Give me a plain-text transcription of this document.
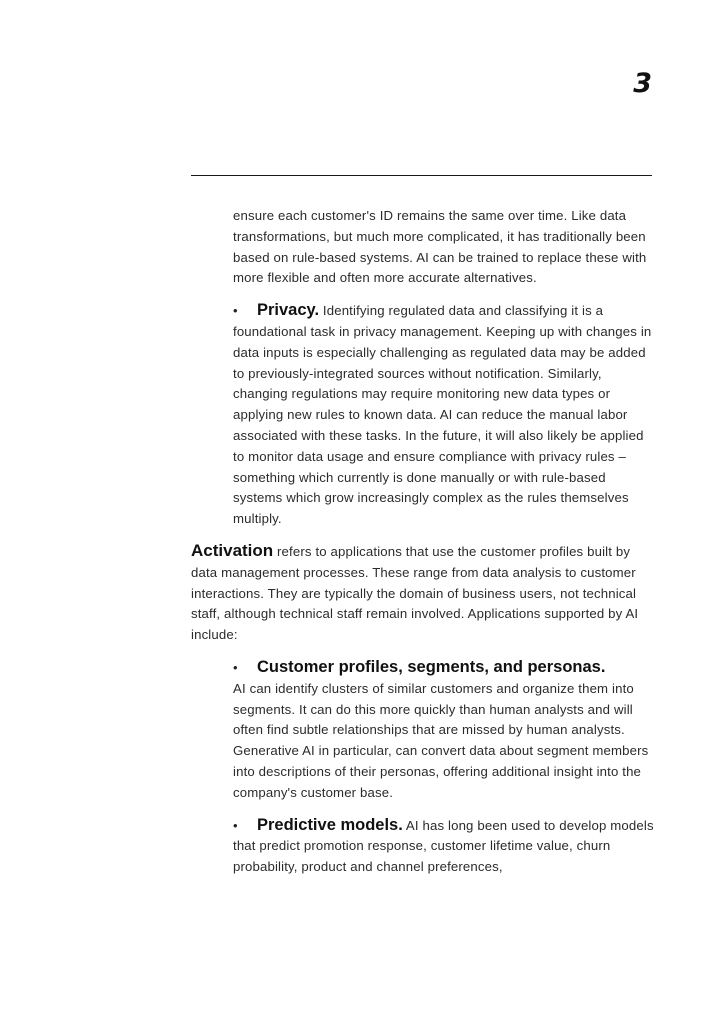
3

ensure each customer's ID remains the same over time. Like data transformations, but much more complicated, it has traditionally been based on rule-based systems. AI can be trained to replace these with more flexible and often more accurate alternatives.

• Privacy. Identifying regulated data and classifying it is a foundational task in privacy management. Keeping up with changes in data inputs is especially challenging as regulated data may be added to previously-integrated sources without notification. Similarly, changing regulations may require monitoring new data types or applying new rules to known data. AI can reduce the manual labor associated with these tasks. In the future, it will also likely be applied to monitor data usage and ensure compliance with privacy rules – something which currently is done manually or with rule-based systems which grow increasingly complex as the rules themselves multiply.

Activation refers to applications that use the customer profiles built by data management processes. These range from data analysis to customer interactions. They are typically the domain of business users, not technical staff, although technical staff remain involved. Applications supported by AI include:

• Customer profiles, segments, and personas.
AI can identify clusters of similar customers and organize them into segments. It can do this more quickly than human analysts and will often find subtle relationships that are missed by human analysts. Generative AI in particular, can convert data about segment members into descriptions of their personas, offering additional insight into the company's customer base.

• Predictive models. AI has long been used to develop models that predict promotion response, customer lifetime value, churn probability, product and channel preferences,
